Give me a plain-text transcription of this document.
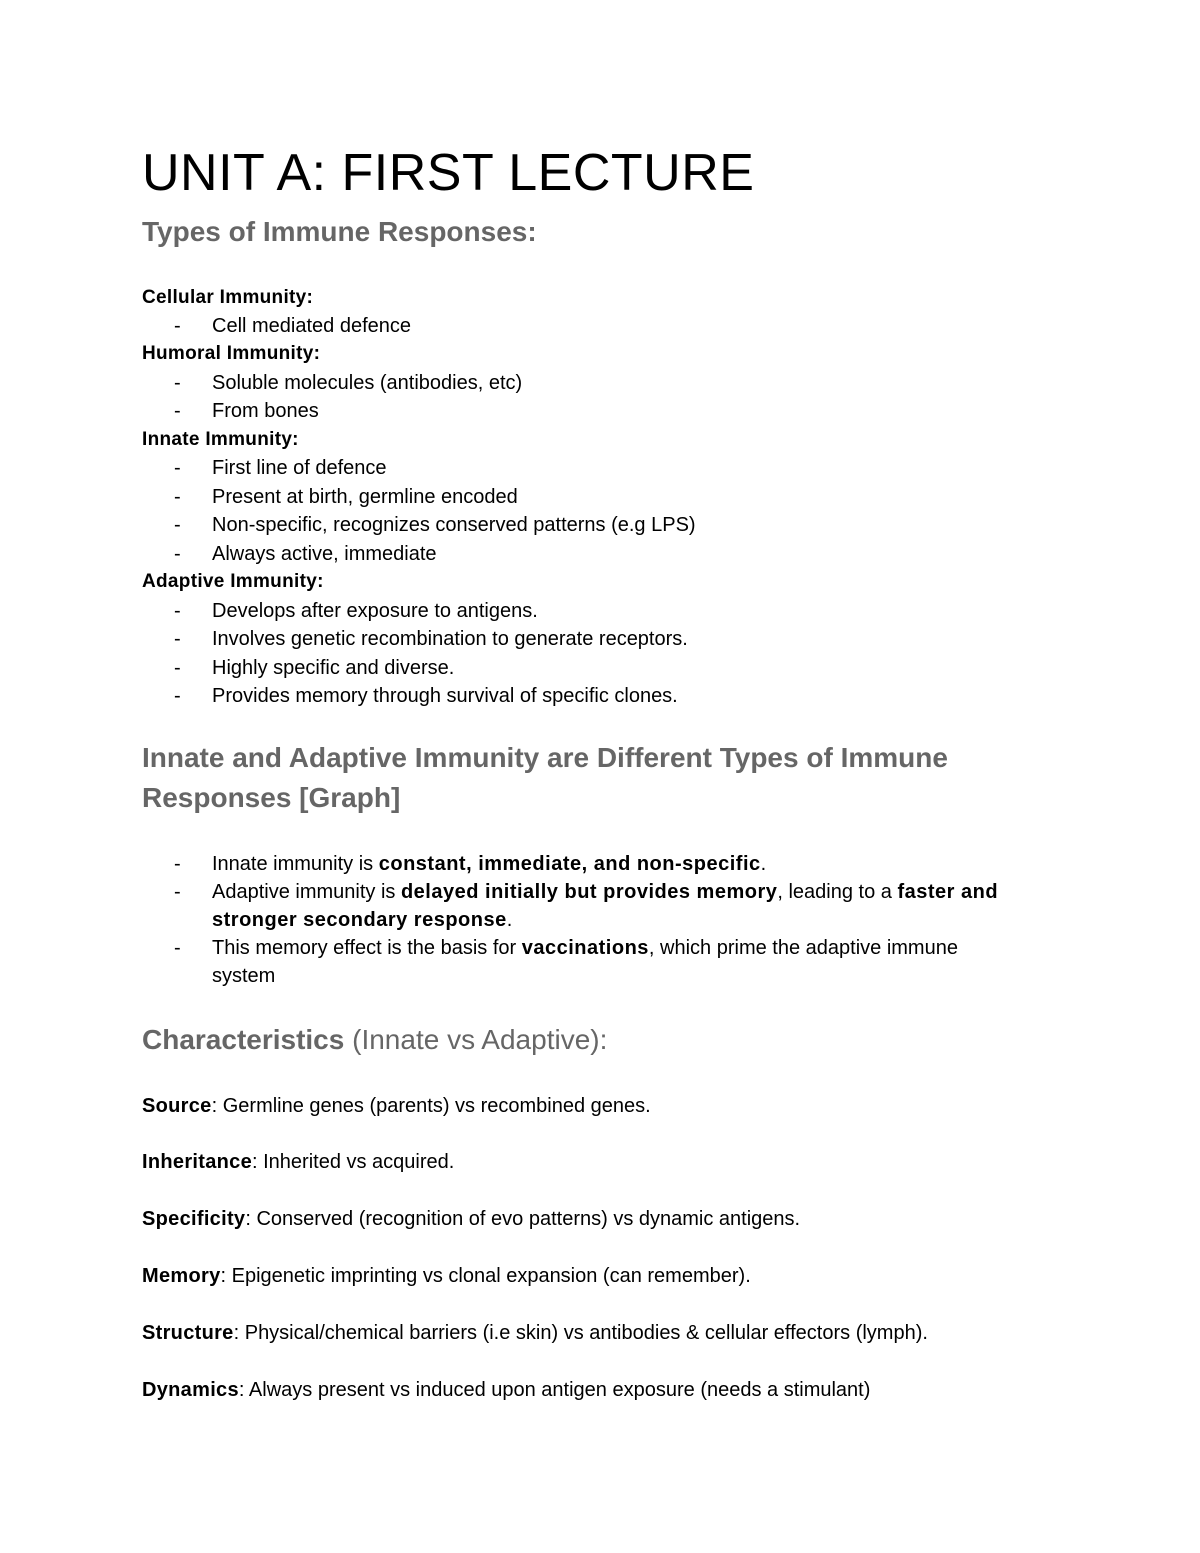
UNIT A: FIRST LECTURE
Types of Immune Responses:
Cellular Immunity:
- Cell mediated defence
Humoral Immunity:
- Soluble molecules (antibodies, etc)
- From bones
Innate Immunity:
- First line of defence
- Present at birth, germline encoded
- Non-specific, recognizes conserved patterns (e.g LPS)
- Always active, immediate
Adaptive Immunity:
- Develops after exposure to antigens.
- Involves genetic recombination to generate receptors.
- Highly specific and diverse.
- Provides memory through survival of specific clones.
Innate and Adaptive Immunity are Different Types of Immune
Responses [Graph]
- Innate immunity is constant, immediate, and non-specific.
- Adaptive immunity is delayed initially but provides memory, leading to a faster and
stronger secondary response.
- This memory effect is the basis for vaccinations, which prime the adaptive immune
system
Characteristics (Innate vs Adaptive):
Source: Germline genes (parents) vs recombined genes.
Inheritance: Inherited vs acquired.
Specificity: Conserved (recognition of evo patterns) vs dynamic antigens.
Memory: Epigenetic imprinting vs clonal expansion (can remember).
Structure: Physical/chemical barriers (i.e skin) vs antibodies & cellular effectors (lymph).
Dynamics: Always present vs induced upon antigen exposure (needs a stimulant)
